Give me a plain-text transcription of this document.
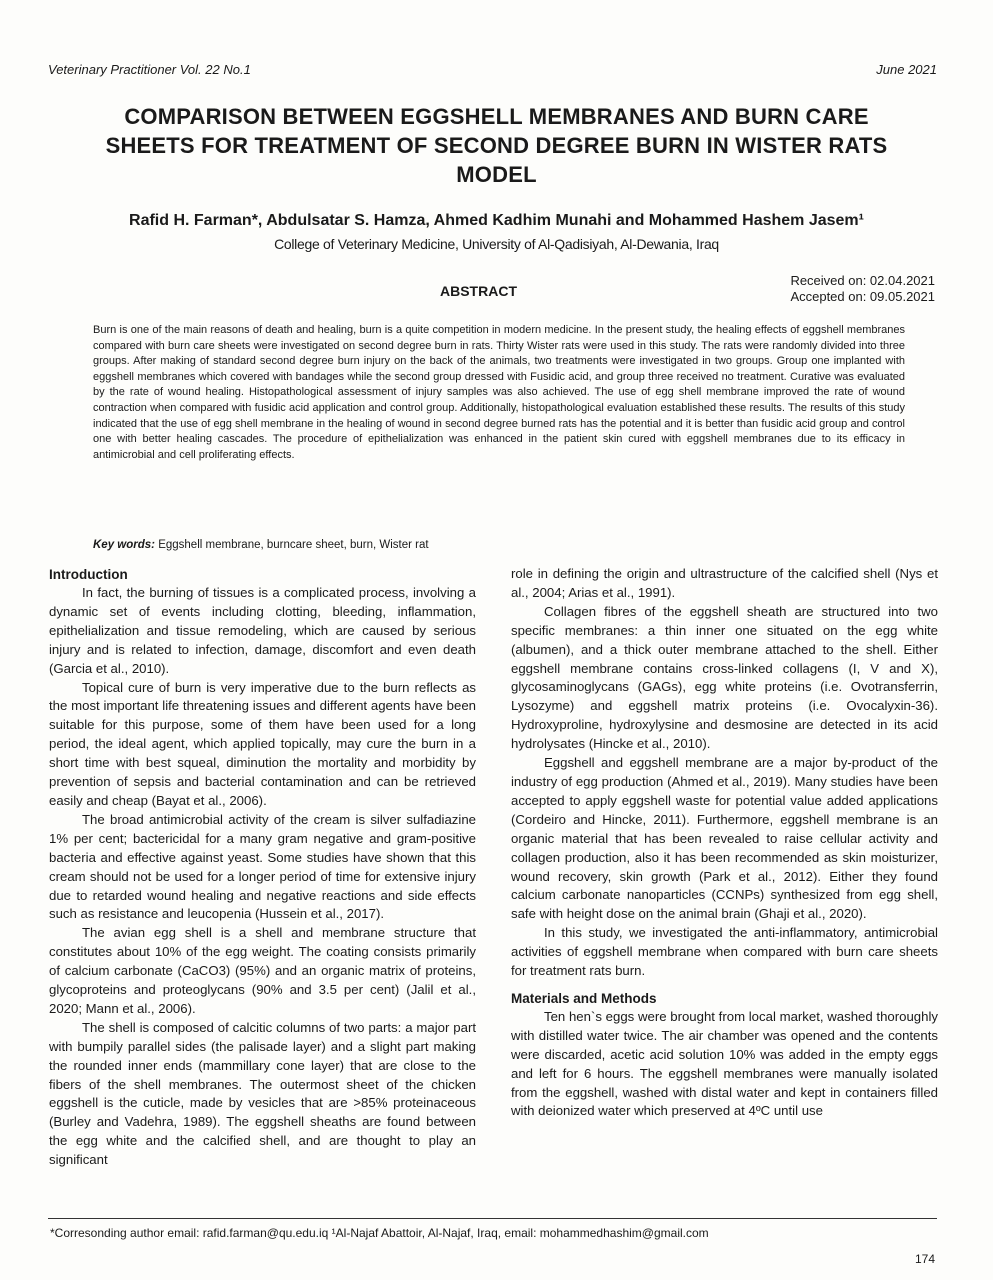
Veterinary Practitioner Vol. 22 No.1	June 2021
COMPARISON BETWEEN EGGSHELL MEMBRANES AND BURN CARE
SHEETS FOR TREATMENT OF SECOND DEGREE BURN IN WISTER RATS
MODEL
Rafid H. Farman*, Abdulsatar S. Hamza, Ahmed Kadhim Munahi and Mohammed Hashem Jasem¹
College of Veterinary Medicine, University of Al-Qadisiyah, Al-Dewania, Iraq
ABSTRACT
Received on: 02.04.2021
Accepted on: 09.05.2021
Burn is one of the main reasons of death and healing, burn is a quite competition in modern medicine. In the present study, the healing effects of eggshell membranes compared with burn care sheets were investigated on second degree burn in rats. Thirty Wister rats were used in this study. The rats were randomly divided into three groups. After making of standard second degree burn injury on the back of the animals, two treatments were investigated in two groups. Group one implanted with eggshell membranes which covered with bandages while the second group dressed with Fusidic acid, and group three received no treatment. Curative was evaluated by the rate of wound healing. Histopathological assessment of injury samples was also achieved. The use of egg shell membrane improved the rate of wound contraction when compared with fusidic acid application and control group. Additionally, histopathological evaluation established these results. The results of this study indicated that the use of egg shell membrane in the healing of wound in second degree burned rats has the potential and it is better than fusidic acid group and control one with better healing cascades. The procedure of epithelialization was enhanced in the patient skin cured with eggshell membranes due to its efficacy in antimicrobial and cell proliferating effects.
Key words: Eggshell membrane, burncare sheet, burn, Wister rat
Introduction

In fact, the burning of tissues is a complicated process, involving a dynamic set of events including clotting, bleeding, inflammation, epithelialization and tissue remodeling, which are caused by serious injury and is related to infection, damage, discomfort and even death (Garcia et al., 2010).

Topical cure of burn is very imperative due to the burn reflects as the most important life threatening issues and different agents have been suitable for this purpose, some of them have been used for a long period, the ideal agent, which applied topically, may cure the burn in a short time with best squeal, diminution the mortality and morbidity by prevention of sepsis and bacterial contamination and can be retrieved easily and cheap (Bayat et al., 2006).

The broad antimicrobial activity of the cream is silver sulfadiazine 1% per cent; bactericidal for a many gram negative and gram-positive bacteria and effective against yeast. Some studies have shown that this cream should not be used for a longer period of time for extensive injury due to retarded wound healing and negative reactions and side effects such as resistance and leucopenia (Hussein et al., 2017).

The avian egg shell is a shell and membrane structure that constitutes about 10% of the egg weight. The coating consists primarily of calcium carbonate (CaCO3) (95%) and an organic matrix of proteins, glycoproteins and proteoglycans (90% and 3.5 per cent) (Jalil et al., 2020; Mann et al., 2006).

The shell is composed of calcitic columns of two parts: a major part with bumpily parallel sides (the palisade layer) and a slight part making the rounded inner ends (mammillary cone layer) that are close to the fibers of the shell membranes. The outermost sheet of the chicken eggshell is the cuticle, made by vesicles that are >85% proteinaceous (Burley and Vadehra, 1989). The eggshell sheaths are found between the egg white and the calcified shell, and are thought to play an significant

role in defining the origin and ultrastructure of the calcified shell (Nys et al., 2004; Arias et al., 1991).

Collagen fibres of the eggshell sheath are structured into two specific membranes: a thin inner one situated on the egg white (albumen), and a thick outer membrane attached to the shell. Either eggshell membrane contains cross-linked collagens (I, V and X), glycosaminoglycans (GAGs), egg white proteins (i.e. Ovotransferrin, Lysozyme) and eggshell matrix proteins (i.e. Ovocalyxin-36). Hydroxyproline, hydroxylysine and desmosine are detected in its acid hydrolysates (Hincke et al., 2010).

Eggshell and eggshell membrane are a major by-product of the industry of egg production (Ahmed et al., 2019). Many studies have been accepted to apply eggshell waste for potential value added applications (Cordeiro and Hincke, 2011). Furthermore, eggshell membrane is an organic material that has been revealed to raise cellular activity and collagen production, also it has been recommended as skin moisturizer, wound recovery, skin growth (Park et al., 2012). Either they found calcium carbonate nanoparticles (CCNPs) synthesized from egg shell, safe with height dose on the animal brain (Ghaji et al., 2020).

In this study, we investigated the anti-inflammatory, antimicrobial activities of eggshell membrane when compared with burn care sheets for treatment rats burn.

Materials and Methods

Ten hen`s eggs were brought from local market, washed thoroughly with distilled water twice. The air chamber was opened and the contents were discarded, acetic acid solution 10% was added in the empty eggs and left for 6 hours. The eggshell membranes were manually isolated from the eggshell, washed with distal water and kept in containers filled with deionized water which preserved at 4ºC until use

*Corresonding author email: rafid.farman@qu.edu.iq ¹Al-Najaf Abattoir, Al-Najaf, Iraq, email: mohammedhashim@gmail.com
174
